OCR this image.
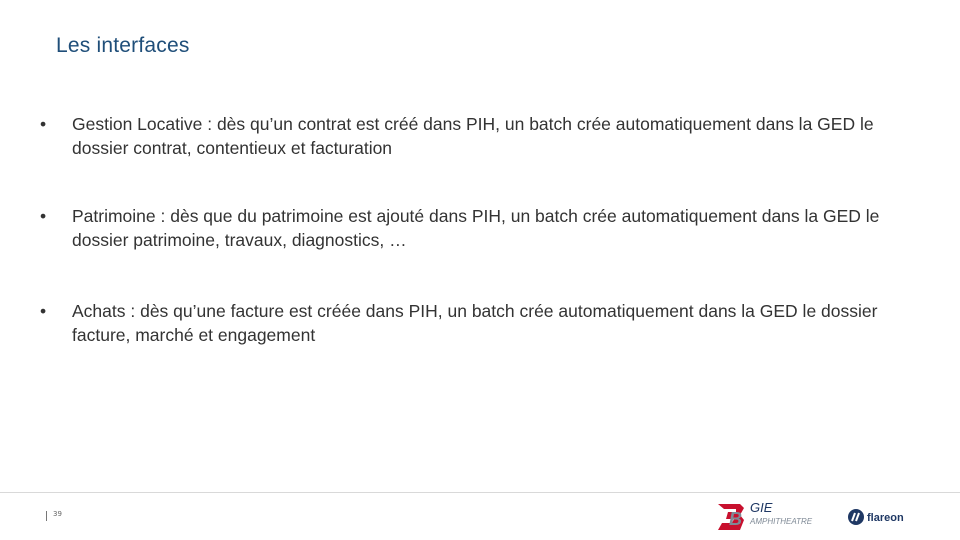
Les interfaces
•	Gestion Locative : dès qu’un contrat est créé dans PIH, un batch crée automatiquement dans la GED le dossier contrat, contentieux et facturation
•	Patrimoine : dès que du patrimoine est ajouté dans PIH, un batch crée automatiquement dans la GED le dossier patrimoine, travaux, diagnostics, …
•	Achats : dès qu’une facture est créée dans PIH, un batch crée automatiquement dans la GED le dossier facture, marché et engagement
39	B
GIE
AMPHITHEATRE	flareon
